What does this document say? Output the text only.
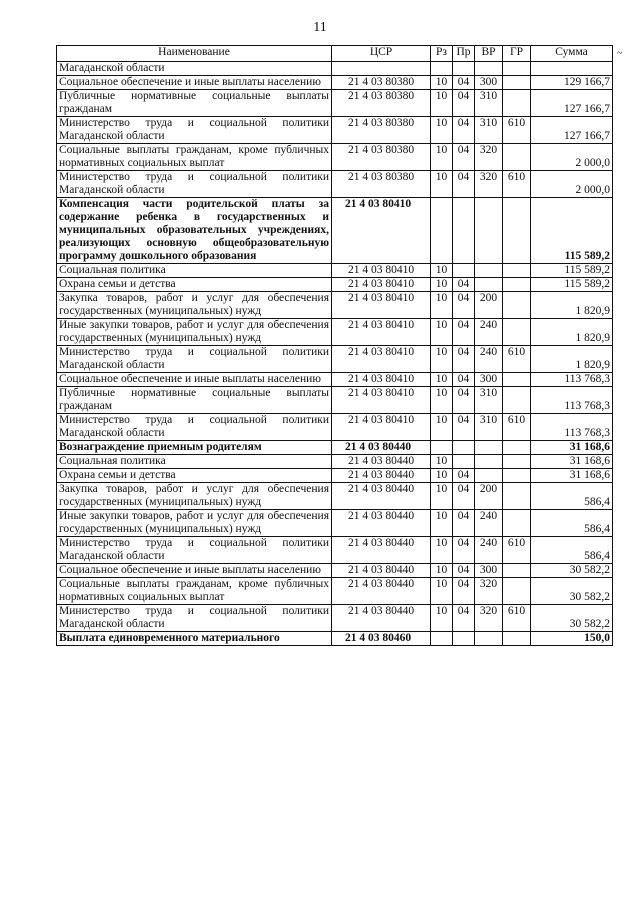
11
~
Наименование	ЦСР	Рз	Пр	ВР	ГР	Сумма
Магаданской области						
Социальное обеспечение и иные выплаты населению	21 4 03 80380	10	04	300		129 166,7
Публичные нормативные социальные выплаты гражданам	21 4 03 80380	10	04	310		127 166,7
Министерство труда и социальной политики Магаданской области	21 4 03 80380	10	04	310	610	127 166,7
Социальные выплаты гражданам, кроме публичных нормативных социальных выплат	21 4 03 80380	10	04	320		2 000,0
Министерство труда и социальной политики Магаданской области	21 4 03 80380	10	04	320	610	2 000,0
Компенсация части родительской платы за содержание ребенка в государственных и муниципальных образовательных учреждениях, реализующих основную общеобразовательную программу дошкольного образования	21 4 03 80410					115 589,2
Социальная политика	21 4 03 80410	10				115 589,2
Охрана семьи и детства	21 4 03 80410	10	04			115 589,2
Закупка товаров, работ и услуг для обеспечения государственных (муниципальных) нужд	21 4 03 80410	10	04	200		1 820,9
Иные закупки товаров, работ и услуг для обеспечения государственных (муниципальных) нужд	21 4 03 80410	10	04	240		1 820,9
Министерство труда и социальной политики Магаданской области	21 4 03 80410	10	04	240	610	1 820,9
Социальное обеспечение и иные выплаты населению	21 4 03 80410	10	04	300		113 768,3
Публичные нормативные социальные выплаты гражданам	21 4 03 80410	10	04	310		113 768,3
Министерство труда и социальной политики Магаданской области	21 4 03 80410	10	04	310	610	113 768,3
Вознаграждение приемным родителям	21 4 03 80440					31 168,6
Социальная политика	21 4 03 80440	10				31 168,6
Охрана семьи и детства	21 4 03 80440	10	04			31 168,6
Закупка товаров, работ и услуг для обеспечения государственных (муниципальных) нужд	21 4 03 80440	10	04	200		586,4
Иные закупки товаров, работ и услуг для обеспечения государственных (муниципальных) нужд	21 4 03 80440	10	04	240		586,4
Министерство труда и социальной политики Магаданской области	21 4 03 80440	10	04	240	610	586,4
Социальное обеспечение и иные выплаты населению	21 4 03 80440	10	04	300		30 582,2
Социальные выплаты гражданам, кроме публичных нормативных социальных выплат	21 4 03 80440	10	04	320		30 582,2
Министерство труда и социальной политики Магаданской области	21 4 03 80440	10	04	320	610	30 582,2
Выплата единовременного материального	21 4 03 80460					150,0
